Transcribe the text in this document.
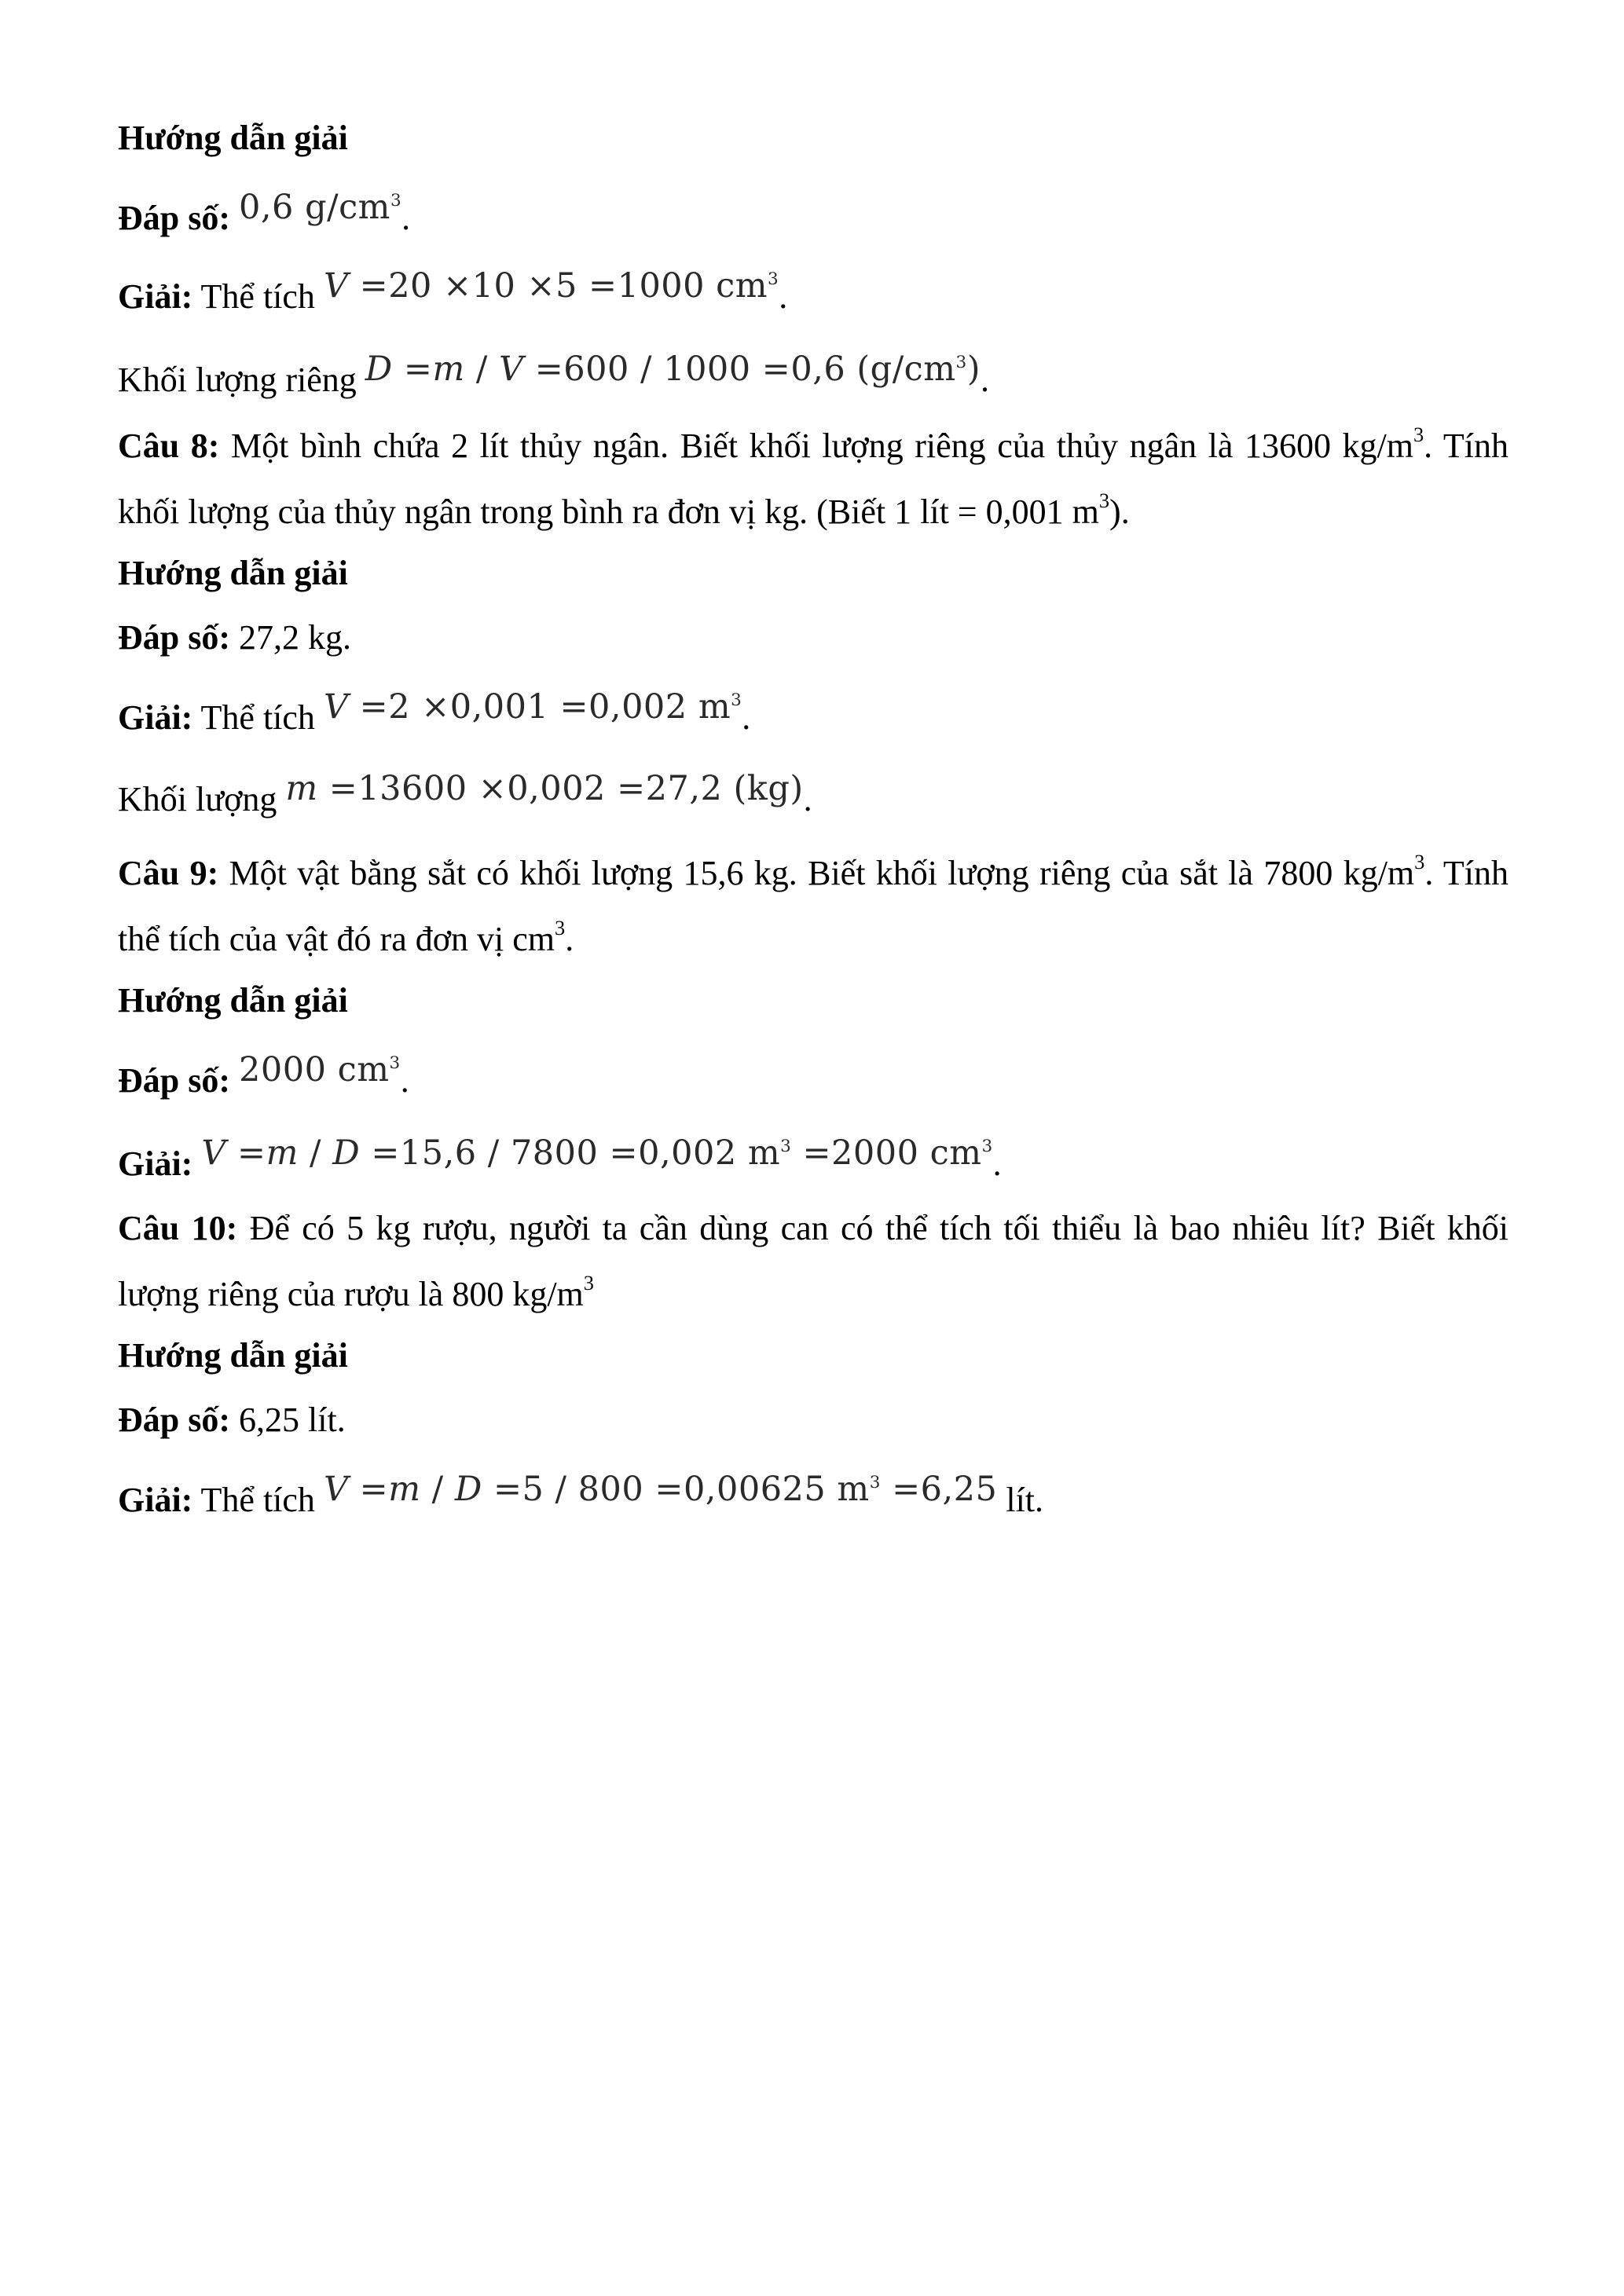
Hướng dẫn giải
Đáp số: 0,6 $g/cm^3$.
Giải: Thể tích V =20 ×10 ×5 =1000 $cm^3$.
Khối lượng riêng D =m / V =600 / 1000 =0,6 $(g/cm^3)$.
Câu 8: Một bình chứa 2 lít thủy ngân. Biết khối lượng riêng của thủy ngân là 13600 $kg/m^3$. Tính khối lượng của thủy ngân trong bình ra đơn vị kg. (Biết 1 lít = 0,001 $m^3$).
Hướng dẫn giải
Đáp số: 27,2 kg.
Giải: Thể tích V =2 ×0,001 =0,002 $m^3$.
Khối lượng m =13600 ×0,002 =27,2 (kg).
Câu 9: Một vật bằng sắt có khối lượng 15,6 kg. Biết khối lượng riêng của sắt là 7800 $kg/m^3$. Tính thể tích của vật đó ra đơn vị $cm^3$.
Hướng dẫn giải
Đáp số: 2000 $cm^3$.
Giải: V =m / D =15,6 / 7800 =0,002 $m^3 =2000$ $cm^3$.
Câu 10: Để có 5 kg rượu, người ta cần dùng can có thể tích tối thiểu là bao nhiêu lít? Biết khối lượng riêng của rượu là 800 $kg/m^3$
Hướng dẫn giải
Đáp số: 6,25 lít.
Giải: Thể tích V =m / D =5 / 800 =0,00625 $m^3 =6,25$ lít.
